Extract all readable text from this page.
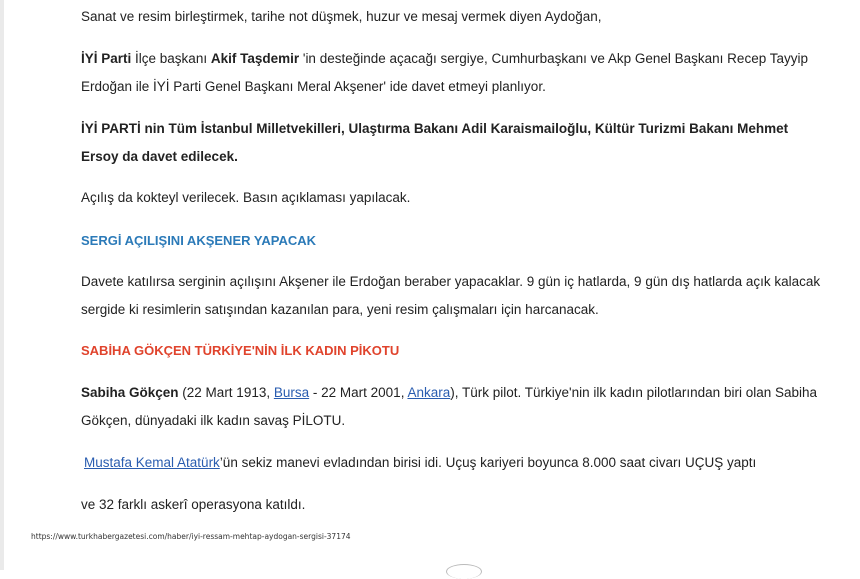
Sanat ve resim birleştirmek, tarihe not düşmek, huzur ve mesaj vermek diyen Aydoğan,

İYİ Parti İlçe başkanı Akif Taşdemir 'in desteğinde açacağı sergiye, Cumhurbaşkanı ve Akp Genel Başkanı Recep Tayyip Erdoğan ile İYİ Parti Genel Başkanı Meral Akşener' ide davet etmeyi planlıyor.

İYİ PARTİ nin Tüm İstanbul Milletvekilleri, Ulaştırma Bakanı Adil Karaismailoğlu, Kültür Turizmi Bakanı Mehmet Ersoy da davet edilecek.

Açılış da kokteyl verilecek. Basın açıklaması yapılacak.

SERGİ AÇILIŞINI AKŞENER YAPACAK

Davete katılırsa serginin açılışını Akşener ile Erdoğan beraber yapacaklar. 9 gün iç hatlarda, 9 gün dış hatlarda açık kalacak sergide ki resimlerin satışından kazanılan para, yeni resim çalışmaları için harcanacak.

SABİHA GÖKÇEN TÜRKİYE'NİN İLK KADIN PİKOTU

Sabiha Gökçen (22 Mart 1913, Bursa - 22 Mart 2001, Ankara), Türk pilot. Türkiye'nin ilk kadın pilotlarından biri olan Sabiha Gökçen, dünyadaki ilk kadın savaş PİLOTU.

Mustafa Kemal Atatürk’ün sekiz manevi evladından birisi idi. Uçuş kariyeri boyunca 8.000 saat civarı UÇUŞ yaptı

ve 32 farklı askerî operasyona katıldı.

https://www.turkhabergazetesi.com/haber/iyi-ressam-mehtap-aydogan-sergisi-37174
